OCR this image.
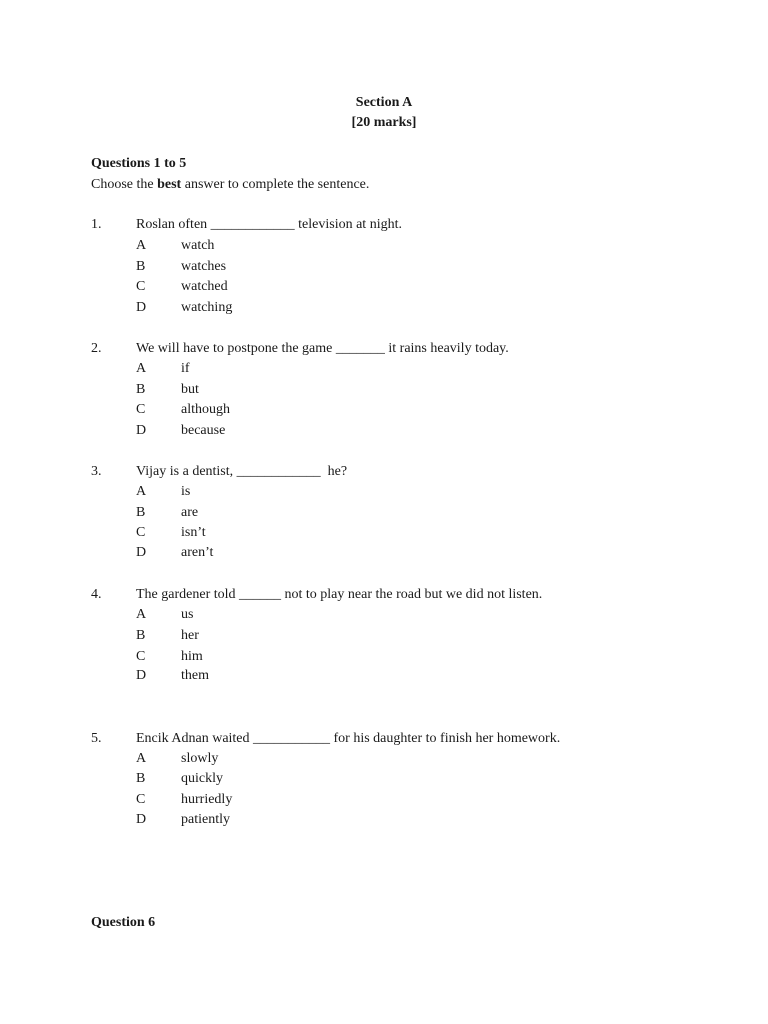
Section A
[20 marks]
Questions 1 to 5
Choose the best answer to complete the sentence.
1. Roslan often ____________ television at night.
A watch
B	watches
C	watched
D watching
2. We will have to postpone the game _______ it rains heavily today.
A if
B	but
C	although
D because
3. Vijay is a dentist, ____________  he?
A is
B	are
C	isn’t
D aren’t
4. The gardener told ______ not to play near the road but we did not listen.
A us
B	her
C	him
D them
5. Encik Adnan waited ___________ for his daughter to finish her homework.
A slowly
B	quickly
C	hurriedly
D patiently
Question 6
